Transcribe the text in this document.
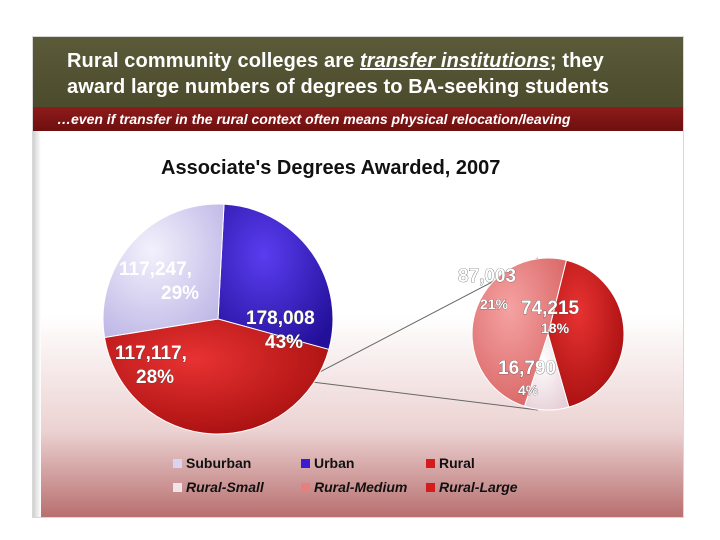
Rural community colleges are transfer institutions; they
award large numbers of degrees to BA-seeking students
…even if transfer in the rural context often means physical relocation/leaving
Associate's Degrees Awarded, 2007
117,247,
29%
178,008
43%
117,117,
28%
87,003
21% 74,215
18%
16,790
4%
Suburban	Urban	Rural
Rural-Small	Rural-Medium	Rural-Large
